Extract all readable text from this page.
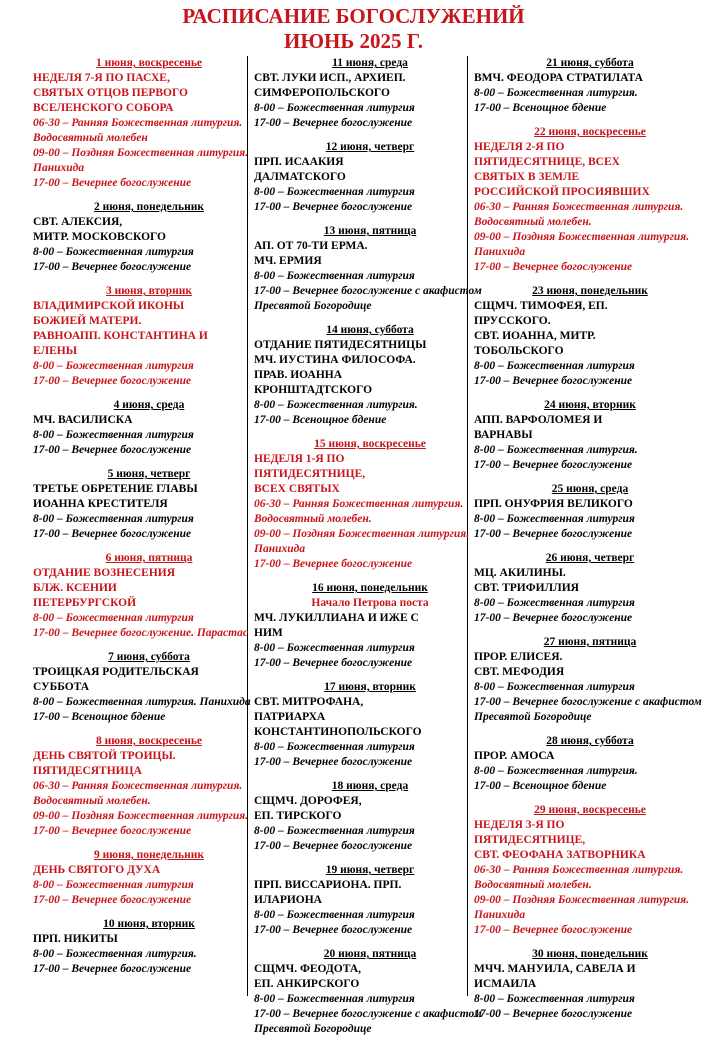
РАСПИСАНИЕ БОГОСЛУЖЕНИЙ
ИЮНЬ 2025 Г.
1 июня, воскресенье
НЕДЕЛЯ 7-Я ПО ПАСХЕ,
СВЯТЫХ ОТЦОВ ПЕРВОГО
ВСЕЛЕНСКОГО СОБОРА
06-30 – Ранняя Божественная литургия. Водосвятный молебен
09-00 – Поздняя Божественная литургия. Панихида
17-00 – Вечернее богослужение
2 июня, понедельник
СВТ. АЛЕКСИЯ,
МИТР. МОСКОВСКОГО
8-00 – Божественная литургия
17-00 – Вечернее богослужение
3 июня, вторник
ВЛАДИМИРСКОЙ ИКОНЫ
БОЖИЕЙ МАТЕРИ.
РАВНОАПП. КОНСТАНТИНА И
ЕЛЕНЫ
8-00 – Божественная литургия
17-00 – Вечернее богослужение
4 июня, среда
МЧ. ВАСИЛИСКА
8-00 – Божественная литургия
17-00 – Вечернее богослужение
5 июня, четверг
ТРЕТЬЕ ОБРЕТЕНИЕ ГЛАВЫ
ИОАННА КРЕСТИТЕЛЯ
8-00 – Божественная литургия
17-00 – Вечернее богослужение
6 июня, пятница
ОТДАНИЕ ВОЗНЕСЕНИЯ
БЛЖ. КСЕНИИ
ПЕТЕРБУРГСКОЙ
8-00 – Божественная литургия
17-00 – Вечернее богослужение. Парастас
7 июня, суббота
ТРОИЦКАЯ РОДИТЕЛЬСКАЯ
СУББОТА
8-00 – Божественная литургия. Панихида
17-00 – Всенощное бдение
8 июня, воскресенье
ДЕНЬ СВЯТОЙ ТРОИЦЫ.
ПЯТИДЕСЯТНИЦА
06-30 – Ранняя Божественная литургия. Водосвятный молебен.
09-00 – Поздняя Божественная литургия.
17-00 – Вечернее богослужение
9 июня, понедельник
ДЕНЬ СВЯТОГО ДУХА
8-00 – Божественная литургия
17-00 – Вечернее богослужение
10 июня, вторник
ПРП. НИКИТЫ
8-00 – Божественная литургия.
17-00 – Вечернее богослужение
11 июня, среда
СВТ. ЛУКИ ИСП., АРХИЕП.
СИМФЕРОПОЛЬСКОГО
8-00 – Божественная литургия
17-00 – Вечернее богослужение
12 июня, четверг
ПРП. ИСААКИЯ
ДАЛМАТСКОГО
8-00 – Божественная литургия
17-00 – Вечернее богослужение
13 июня, пятница
АП. ОТ 70-ТИ ЕРМА.
МЧ. ЕРМИЯ
8-00 – Божественная литургия
17-00 – Вечернее богослужение с акафистом Пресвятой Богородице
14 июня, суббота
ОТДАНИЕ ПЯТИДЕСЯТНИЦЫ
МЧ. ИУСТИНА ФИЛОСОФА.
ПРАВ. ИОАННА
КРОНШТАДТСКОГО
8-00 – Божественная литургия.
17-00 – Всенощное бдение
15 июня, воскресенье
НЕДЕЛЯ 1-Я ПО
ПЯТИДЕСЯТНИЦЕ,
ВСЕХ СВЯТЫХ
06-30 – Ранняя Божественная литургия. Водосвятный молебен.
09-00 – Поздняя Божественная литургия. Панихида
17-00 – Вечернее богослужение
16 июня, понедельник
Начало Петрова поста
МЧ. ЛУКИЛЛИАНА И ИЖЕ С
НИМ
8-00 – Божественная литургия
17-00 – Вечернее богослужение
17 июня, вторник
СВТ. МИТРОФАНА,
ПАТРИАРХА
КОНСТАНТИНОПОЛЬСКОГО
8-00 – Божественная литургия
17-00 – Вечернее богослужение
18 июня, среда
СЩМЧ. ДОРОФЕЯ,
ЕП. ТИРСКОГО
8-00 – Божественная литургия
17-00 – Вечернее богослужение
19 июня, четверг
ПРП. ВИССАРИОНА. ПРП.
ИЛАРИОНА
8-00 – Божественная литургия
17-00 – Вечернее богослужение
20 июня, пятница
СЩМЧ. ФЕОДОТА,
ЕП. АНКИРСКОГО
8-00 – Божественная литургия
17-00 – Вечернее богослужение с акафистом Пресвятой Богородице
21 июня, суббота
ВМЧ. ФЕОДОРА СТРАТИЛАТА
8-00 – Божественная литургия.
17-00 – Всенощное бдение
22 июня, воскресенье
НЕДЕЛЯ 2-Я ПО
ПЯТИДЕСЯТНИЦЕ, ВСЕХ
СВЯТЫХ В ЗЕМЛЕ
РОССИЙСКОЙ ПРОСИЯВШИХ
06-30 – Ранняя Божественная литургия. Водосвятный молебен.
09-00 – Поздняя Божественная литургия. Панихида
17-00 – Вечернее богослужение
23 июня, понедельник
СЩМЧ. ТИМОФЕЯ, ЕП.
ПРУССКОГО.
СВТ. ИОАННА, МИТР.
ТОБОЛЬСКОГО
8-00 – Божественная литургия
17-00 – Вечернее богослужение
24 июня, вторник
АПП. ВАРФОЛОМЕЯ И
ВАРНАВЫ
8-00 – Божественная литургия.
17-00 – Вечернее богослужение
25 июня, среда
ПРП. ОНУФРИЯ ВЕЛИКОГО
8-00 – Божественная литургия
17-00 – Вечернее богослужение
26 июня, четверг
МЦ. АКИЛИНЫ.
СВТ. ТРИФИЛЛИЯ
8-00 – Божественная литургия
17-00 – Вечернее богослужение
27 июня, пятница
ПРОР. ЕЛИСЕЯ.
СВТ. МЕФОДИЯ
8-00 – Божественная литургия
17-00 – Вечернее богослужение с акафистом Пресвятой Богородице
28 июня, суббота
ПРОР. АМОСА
8-00 – Божественная литургия.
17-00 – Всенощное бдение
29 июня, воскресенье
НЕДЕЛЯ 3-Я ПО
ПЯТИДЕСЯТНИЦЕ,
СВТ. ФЕОФАНА ЗАТВОРНИКА
06-30 – Ранняя Божественная литургия. Водосвятный молебен.
09-00 – Поздняя Божественная литургия. Панихида
17-00 – Вечернее богослужение
30 июня, понедельник
МЧЧ. МАНУИЛА, САВЕЛА И
ИСМАИЛА
8-00 – Божественная литургия
17-00 – Вечернее богослужение
